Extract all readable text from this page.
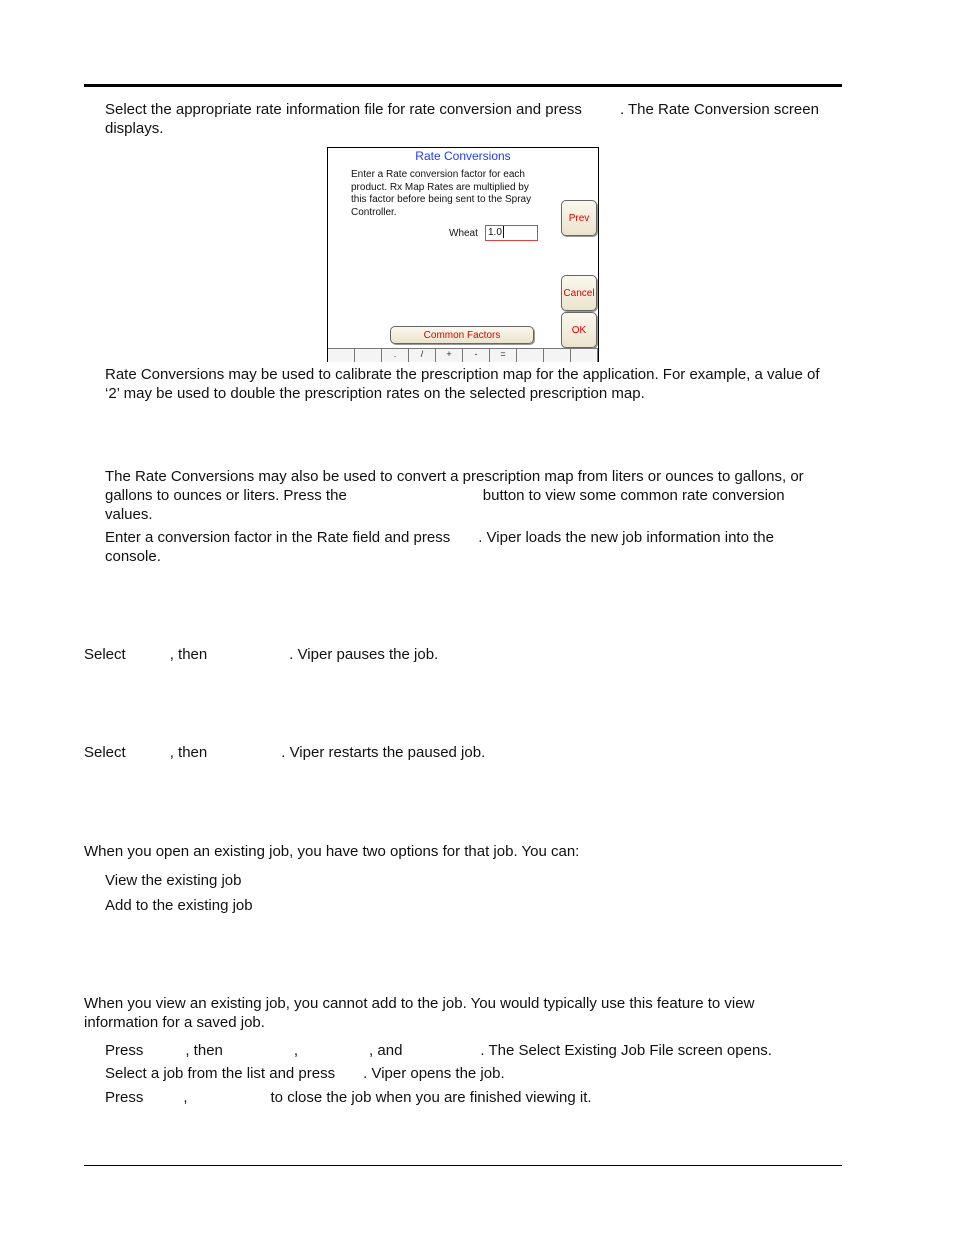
Select the appropriate rate information file for rate conversion and press	. The Rate Conversion screen

displays.

Rate Conversions
Enter a Rate conversion factor for each
product. Rx Map Rates are multiplied by
this factor before being sent to the Spray
Controller.
Wheat	1.0
Prev
Cancel
OK
Common Factors
.	/	+	-	=

Rate Conversions may be used to calibrate the prescription map for the application. For example, a value of

‘2’ may be used to double the prescription rates on the selected prescription map.

The Rate Conversions may also be used to convert a prescription map from liters or ounces to gallons, or

gallons to ounces or liters. Press the	button to view some common rate conversion

values.

Enter a conversion factor in the Rate field and press . Viper loads the new job information into the

console.

Select	, then	. Viper pauses the job.

Select	, then	. Viper restarts the paused job.

When you open an existing job, you have two options for that job. You can:

View the existing job

Add to the existing job

When you view an existing job, you cannot add to the job. You would typically use this feature to view

information for a saved job.

Press	, then	,	, and	. The Select Existing Job File screen opens.

Select a job from the list and press . Viper opens the job.

Press	,	to close the job when you are finished viewing it.
